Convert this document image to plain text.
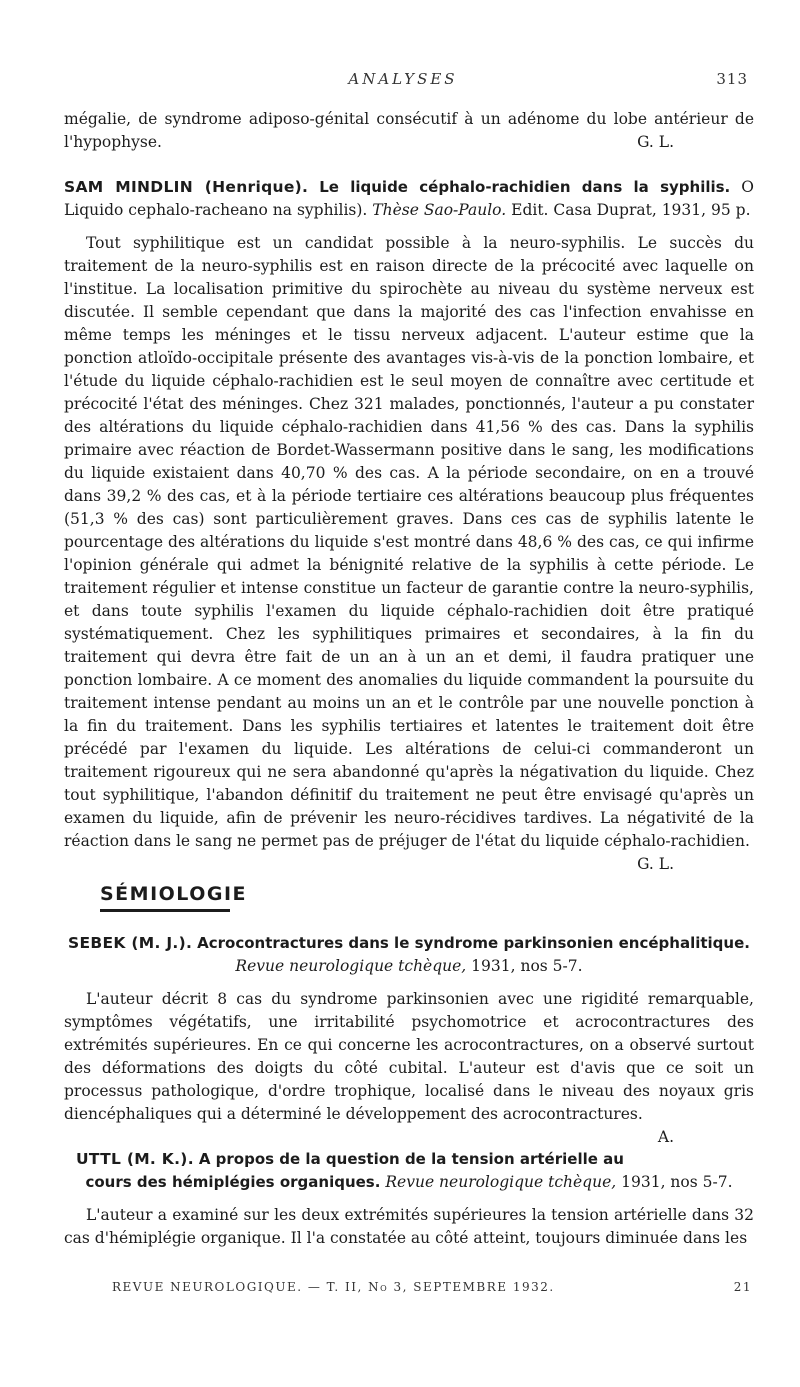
ANALYSES	313

mégalie, de syndrome adiposo-génital consécutif à un adénome du lobe antérieur de l'hypophyse.	G. L.

SAM MINDLIN (Henrique). Le liquide céphalo-rachidien dans la syphilis. O Liquido cephalo-racheano na syphilis). Thèse Sao-Paulo. Edit. Casa Duprat, 1931, 95 p.

Tout syphilitique est un candidat possible à la neuro-syphilis. Le succès du traitement de la neuro-syphilis est en raison directe de la précocité avec laquelle on l'institue. La localisation primitive du spirochète au niveau du système nerveux est discutée. Il semble cependant que dans la majorité des cas l'infection envahisse en même temps les méninges et le tissu nerveux adjacent. L'auteur estime que la ponction atloïdo-occipitale présente des avantages vis-à-vis de la ponction lombaire, et l'étude du liquide céphalo-rachidien est le seul moyen de connaître avec certitude et précocité l'état des méninges. Chez 321 malades, ponctionnés, l'auteur a pu constater des altérations du liquide céphalo-rachidien dans 41,56 % des cas. Dans la syphilis primaire avec réaction de Bordet-Wassermann positive dans le sang, les modifications du liquide existaient dans 40,70 % des cas. A la période secondaire, on en a trouvé dans 39,2 % des cas, et à la période tertiaire ces altérations beaucoup plus fréquentes (51,3 % des cas) sont particulièrement graves. Dans ces cas de syphilis latente le pourcentage des altérations du liquide s'est montré dans 48,6 % des cas, ce qui infirme l'opinion générale qui admet la bénignité relative de la syphilis à cette période. Le traitement régulier et intense constitue un facteur de garantie contre la neuro-syphilis, et dans toute syphilis l'examen du liquide céphalo-rachidien doit être pratiqué systématiquement. Chez les syphilitiques primaires et secondaires, à la fin du traitement qui devra être fait de un an à un an et demi, il faudra pratiquer une ponction lombaire. A ce moment des anomalies du liquide commandent la poursuite du traitement intense pendant au moins un an et le contrôle par une nouvelle ponction à la fin du traitement. Dans les syphilis tertiaires et latentes le traitement doit être précédé par l'examen du liquide. Les altérations de celui-ci commanderont un traitement rigoureux qui ne sera abandonné qu'après la négativation du liquide. Chez tout syphilitique, l'abandon définitif du traitement ne peut être envisagé qu'après un examen du liquide, afin de prévenir les neuro-récidives tardives. La négativité de la réaction dans le sang ne permet pas de préjuger de l'état du liquide céphalo-rachidien.
G. L.

SÉMIOLOGIE
SEBEK (M. J.). Acrocontractures dans le syndrome parkinsonien encéphalitique. Revue neurologique tchèque, 1931, nos 5-7.

L'auteur décrit 8 cas du syndrome parkinsonien avec une rigidité remarquable, symptômes végétatifs, une irritabilité psychomotrice et acrocontractures des extrémités supérieures. En ce qui concerne les acrocontractures, on a observé surtout des déformations des doigts du côté cubital. L'auteur est d'avis que ce soit un processus pathologique, d'ordre trophique, localisé dans le niveau des noyaux gris diencéphaliques qui a déterminé le développement des acrocontractures.
A.

UTTL (M. K.). A propos de la question de la tension artérielle au cours des hémiplégies organiques. Revue neurologique tchèque, 1931, nos 5-7.

L'auteur a examiné sur les deux extrémités supérieures la tension artérielle dans 32 cas d'hémiplégie organique. Il l'a constatée au côté atteint, toujours diminuée dans les

REVUE NEUROLOGIQUE. — T. II, No 3, SEPTEMBRE 1932.	21
